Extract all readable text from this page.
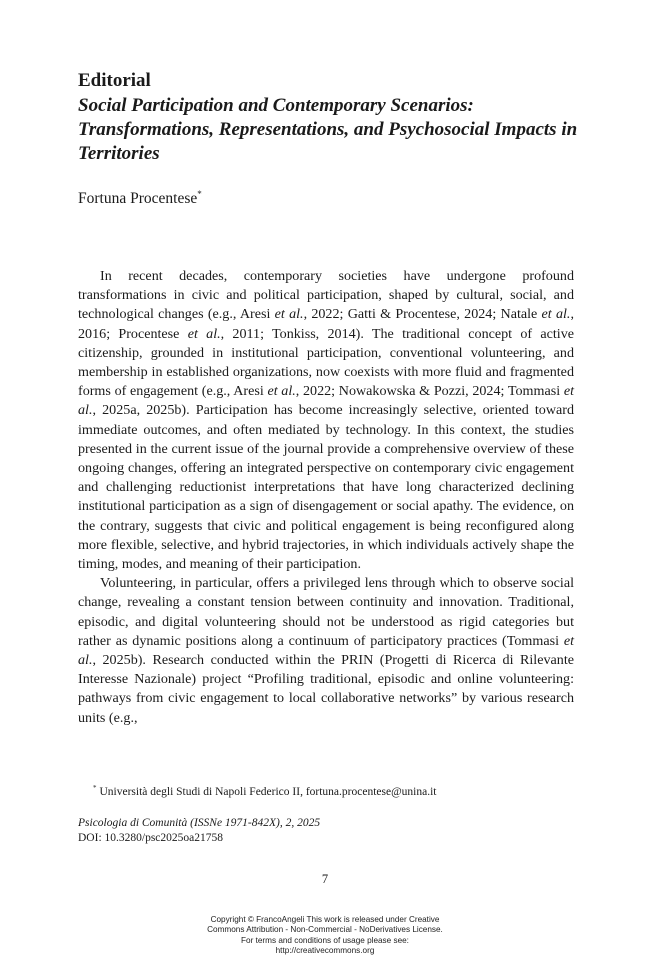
Editorial
Social Participation and Contemporary Scenarios: Transformations, Representations, and Psychosocial Impacts in Territories
Fortuna Procentese*

In recent decades, contemporary societies have undergone profound transformations in civic and political participation, shaped by cultural, social, and technological changes (e.g., Aresi et al., 2022; Gatti & Procentese, 2024; Natale et al., 2016; Procentese et al., 2011; Tonkiss, 2014). The traditional concept of active citizenship, grounded in institutional participation, conventional volunteering, and membership in established organizations, now coexists with more fluid and fragmented forms of engagement (e.g., Aresi et al., 2022; Nowakowska & Pozzi, 2024; Tommasi et al., 2025a, 2025b). Participation has become increasingly selective, oriented toward immediate outcomes, and often mediated by technology. In this context, the studies presented in the current issue of the journal provide a comprehensive overview of these ongoing changes, offering an integrated perspective on contemporary civic engagement and challenging reductionist interpretations that have long characterized declining institutional participation as a sign of disengagement or social apathy. The evidence, on the contrary, suggests that civic and political engagement is being reconfigured along more flexible, selective, and hybrid trajectories, in which individuals actively shape the timing, modes, and meaning of their participation.

Volunteering, in particular, offers a privileged lens through which to observe social change, revealing a constant tension between continuity and innovation. Traditional, episodic, and digital volunteering should not be understood as rigid categories but rather as dynamic positions along a continuum of participatory practices (Tommasi et al., 2025b). Research conducted within the PRIN (Progetti di Ricerca di Rilevante Interesse Nazionale) project “Profiling traditional, episodic and online volunteering: pathways from civic engagement to local collaborative networks” by various research units (e.g.,

* Università degli Studi di Napoli Federico II, fortuna.procentese@unina.it
Psicologia di Comunità (ISSNe 1971-842X), 2, 2025
DOI: 10.3280/psc2025oa21758
7
Copyright © FrancoAngeli This work is released under Creative
Commons Attribution - Non-Commercial - NoDerivatives License.
For terms and conditions of usage please see:
http://creativecommons.org
